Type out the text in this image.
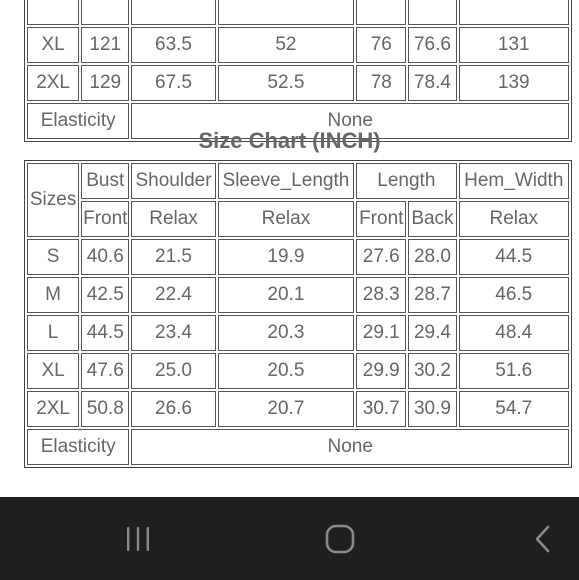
XL	121	63.5	52	76	76.6	131
2XL	129	67.5	52.5	78	78.4	139
Elasticity		None				
Size Chart (INCH)
Sizes	Bust	Shoulder	Sleeve_Length	Length		Hem_Width
	Front	Relax	Relax	Front	Back	Relax
S	40.6	21.5	19.9	27.6	28.0	44.5
M	42.5	22.4	20.1	28.3	28.7	46.5
L	44.5	23.4	20.3	29.1	29.4	48.4
XL	47.6	25.0	20.5	29.9	30.2	51.6
2XL	50.8	26.6	20.7	30.7	30.9	54.7
Elasticity		None				
